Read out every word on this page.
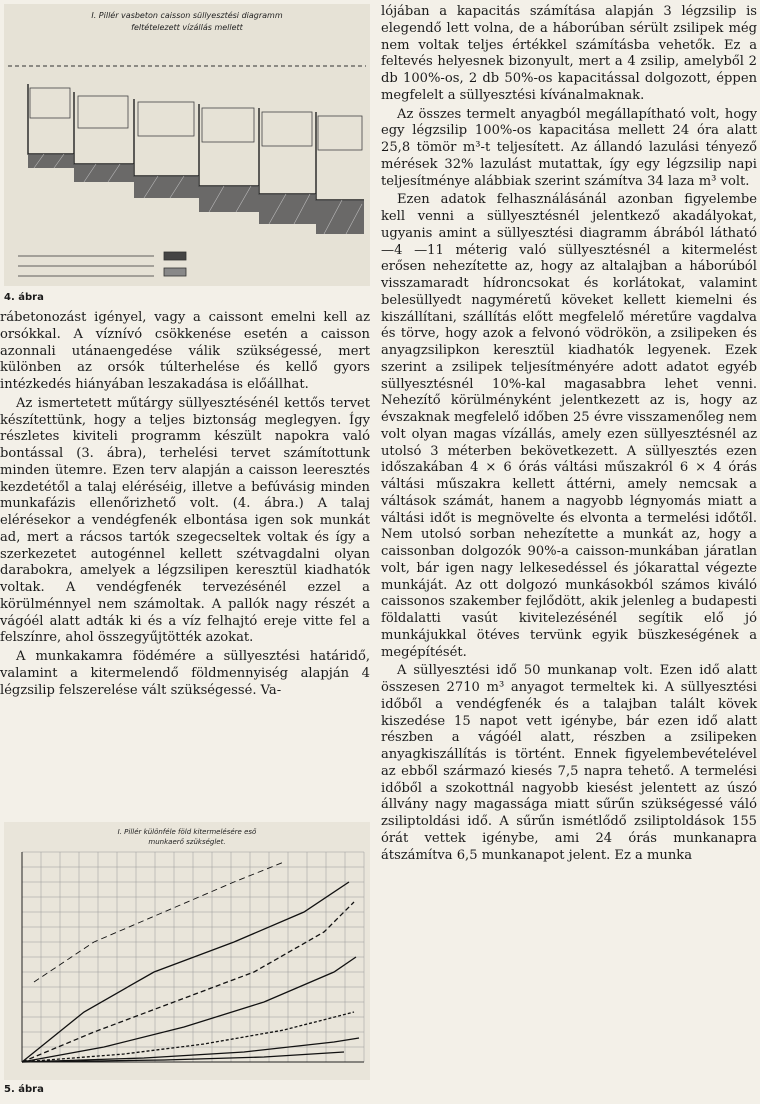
I. Pillér vasbeton caisson süllyesztési diagramm
feltételezett vízállás mellett
4. ábra

rábetonozást igényel, vagy a caissont emelni kell az orsókkal. A víznívó csökkenése esetén a caisson azonnali utánaengedése válik szükségessé, mert különben az orsók túlterhelése és kellő gyors intézkedés hiányában leszakadása is előállhat.

Az ismertetett műtárgy süllyesztésénél kettős tervet készítettünk, hogy a teljes biztonság meglegyen. Így részletes kiviteli programm készült napokra való bontással (3. ábra), terhelési tervet számítottunk minden ütemre. Ezen terv alapján a caisson leeresztés kezdetétől a talaj eléréséig, illetve a befúvásig minden munkafázis ellenőrizhető volt. (4. ábra.) A talaj elérésekor a vendégfenék elbontása igen sok munkát ad, mert a rácsos tartók szegecseltek voltak és így a szerkezetet autogénnel kellett szétvagdalni olyan darabokra, amelyek a légzsilipen keresztül kiadhatók voltak. A vendégfenék tervezésénél ezzel a körülménnyel nem számoltak. A pallók nagy részét a vágóél alatt adták ki és a víz felhajtó ereje vitte fel a felszínre, ahol összegyűjtötték azokat.

A munkakamra födémére a süllyesztési határidő, valamint a kitermelendő földmennyiség alapján 4 légzsilip felszerelése vált szükségessé. Va-

I. Pillér különféle föld kitermelésére eső
munkaerő szükséglet.
5. ábra

lójában a kapacitás számítása alapján 3 légzsilip is elegendő lett volna, de a háborúban sérült zsilipek még nem voltak teljes értékkel számításba vehetők. Ez a feltevés helyesnek bizonyult, mert a 4 zsilip, amelyből 2 db 100%-os, 2 db 50%-os kapacitással dolgozott, éppen megfelelt a süllyesztési kívánalmaknak.

Az összes termelt anyagból megállapítható volt, hogy egy légzsilip 100%-os kapacitása mellett 24 óra alatt 25,8 tömör m³-t teljesített. Az állandó lazulási tényező mérések 32% lazulást mutattak, így egy légzsilip napi teljesítménye alábbiak szerint számítva 34 laza m³ volt.

Ezen adatok felhasználásánál azonban figyelembe kell venni a süllyesztésnél jelentkező akadályokat, ugyanis amint a süllyesztési diagramm ábrából látható —4 —11 méterig való süllyesztésnél a kitermelést erősen nehezítette az, hogy az altalajban a háborúból visszamaradt hídroncsokat és korlátokat, valamint belesüllyedt nagyméretű köveket kellett kiemelni és kiszállítani, szállítás előtt megfelelő méretűre vagdalva és törve, hogy azok a felvonó vödrökön, a zsilipeken és anyagzsilipkon keresztül kiadhatók legyenek. Ezek szerint a zsilipek teljesítményére adott adatot egyéb süllyesztésnél 10%-kal magasabbra lehet venni. Nehezítő körülményként jelentkezett az is, hogy az évszaknak megfelelő időben 25 évre visszamenőleg nem volt olyan magas vízállás, amely ezen süllyesztésnél az utolsó 3 méterben bekövetkezett. A süllyesztés ezen időszakában 4 × 6 órás váltási műszakról 6 × 4 órás váltási műszakra kellett áttérni, amely nemcsak a váltások számát, hanem a nagyobb légnyomás miatt a váltási időt is megnövelte és elvonta a termelési időtől. Nem utolsó sorban nehezítette a munkát az, hogy a caissonban dolgozók 90%-a caisson-munkában járatlan volt, bár igen nagy lelkesedéssel és jókarattal végezte munkáját. Az ott dolgozó munkásokból számos kiváló caissonos szakember fejlődött, akik jelenleg a budapesti földalatti vasút kivitelezésénél segítik elő jó munkájukkal ötéves tervünk egyik büszkeségének a megépítését.

A süllyesztési idő 50 munkanap volt. Ezen idő alatt összesen 2710 m³ anyagot termeltek ki. A süllyesztési időből a vendégfenék és a talajban talált kövek kiszedése 15 napot vett igénybe, bár ezen idő alatt részben a vágóél alatt, részben a zsilipeken anyagkiszállítás is történt. Ennek figyelembevételével az ebből származó kiesés 7,5 napra tehető. A termelési időből a szokottnál nagyobb kiesést jelentett az úszó állvány nagy magassága miatt sűrűn szükségessé váló zsiliptoldási idő. A sűrűn ismétlődő zsiliptoldások 155 órát vettek igénybe, ami 24 órás munkanapra átszámítva 6,5 munkanapot jelent. Ez a munka
